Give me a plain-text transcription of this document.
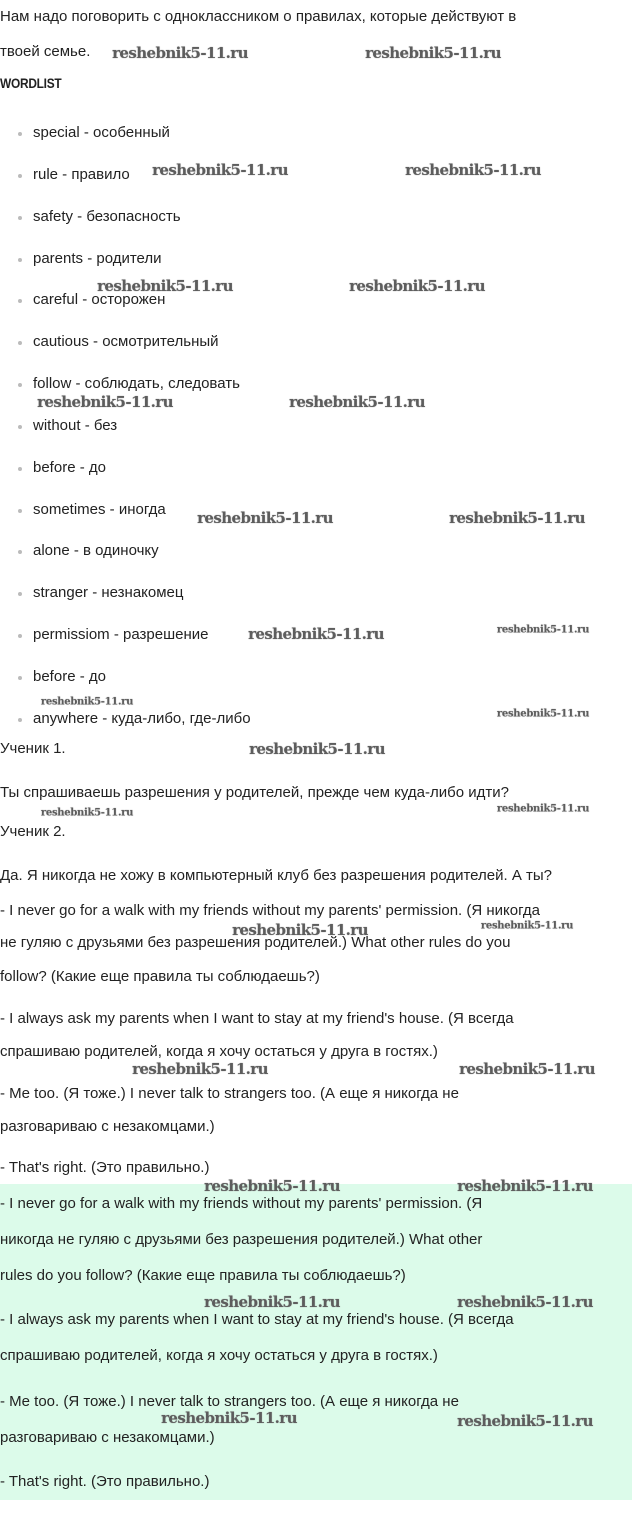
Нам надо поговорить с одноклассником о правилах, которые действуют в
твоей семье.
WORDLIST
special - особенный
rule - правило
safety - безопасность
parents - родители
careful - осторожен
cautious - осмотрительный
follow - соблюдать, следовать
without - без
before - до
sometimes - иногда
alone - в одиночку
stranger - незнакомец
permissiom - разрешение
before - до
anywhere - куда-либо, где-либо
Ученик 1.
Ты спрашиваешь разрешения у родителей, прежде чем куда-либо идти?
Ученик 2.
Да. Я никогда не хожу в компьютерный клуб без разрешения родителей. А ты?
- I never go for a walk with my friends without my parents' permission. (Я никогда
не гуляю с друзьями без разрешения родителей.) What other rules do you
follow? (Какие еще правила ты соблюдаешь?)
- I always ask my parents when I want to stay at my friend's house. (Я всегда
спрашиваю родителей, когда я хочу остаться у друга в гостях.)
- Me too. (Я тоже.) I never talk to strangers too. (А еще я никогда не
разговариваю с незакомцами.)
- That's right. (Это правильно.)
- I never go for a walk with my friends without my parents' permission. (Я
никогда не гуляю с друзьями без разрешения родителей.) What other
rules do you follow? (Какие еще правила ты соблюдаешь?)
- I always ask my parents when I want to stay at my friend's house. (Я всегда
спрашиваю родителей, когда я хочу остаться у друга в гостях.)
- Me too. (Я тоже.) I never talk to strangers too. (А еще я никогда не
разговариваю с незакомцами.)
- That's right. (Это правильно.)
reshebnik5-11.ru	reshebnik5-11.ru
reshebnik5-11.ru	reshebnik5-11.ru
reshebnik5-11.ru	reshebnik5-11.ru
reshebnik5-11.ru	reshebnik5-11.ru
reshebnik5-11.ru	reshebnik5-11.ru
reshebnik5-11.ru	reshebnik5-11.ru
reshebnik5-11.ru
reshebnik5-11.ru
reshebnik5-11.ru
reshebnik5-11.ru	reshebnik5-11.ru
reshebnik5-11.ru	reshebnik5-11.ru
reshebnik5-11.ru	reshebnik5-11.ru
reshebnik5-11.ru	reshebnik5-11.ru
reshebnik5-11.ru	reshebnik5-11.ru
reshebnik5-11.ru	reshebnik5-11.ru
